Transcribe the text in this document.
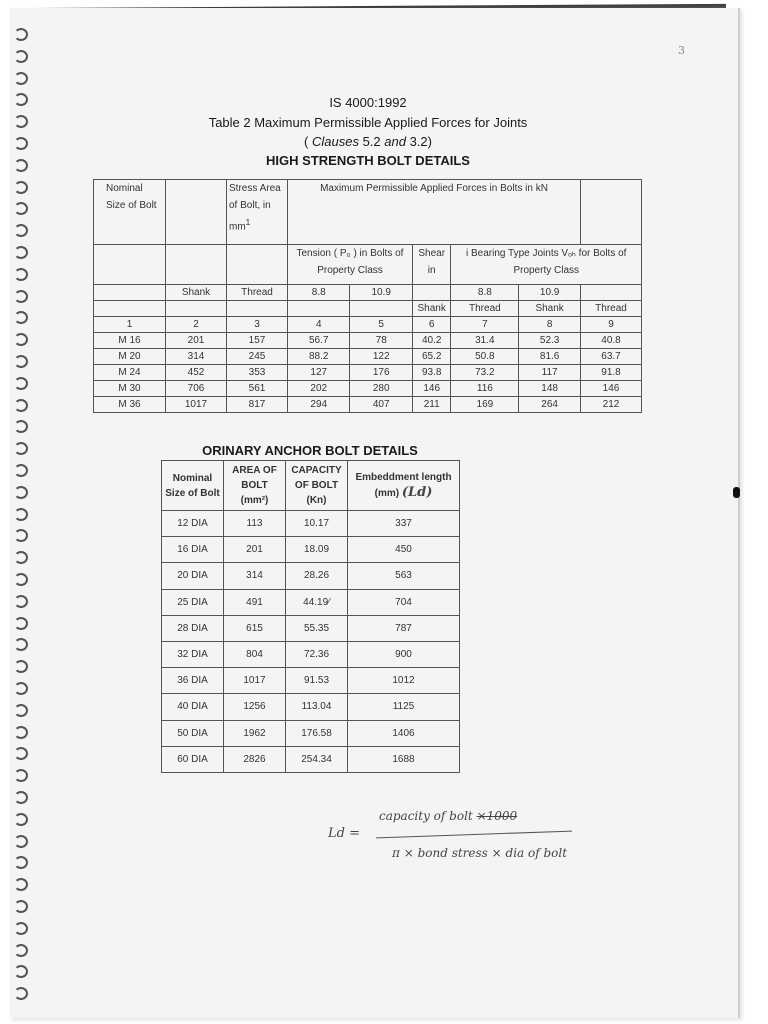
3
IS 4000:1992
Table 2 Maximum Permissible Applied Forces for Joints
( Clauses 5.2 and 3.2)
HIGH STRENGTH BOLT DETAILS
Nominal Size of Bolt		Stress Area of Bolt, in $mm^1$	Maximum Permissible Applied Forces in Bolts in kN					
			Tension ( P₀ ) in Bolts of Property Class		Shear in	i Bearing Type Joints Vₒₕ for Bolts of Property Class		
	Shank	Thread	8.8	10.9		8.8	10.9	
					Shank	Thread	Shank	Thread
1	2	3	4	5	6	7	8	9
M 16	201	157	56.7	78	40.2	31.4	52.3	40.8
M 20	314	245	88.2	122	65.2	50.8	81.6	63.7
M 24	452	353	127	176	93.8	73.2	117	91.8
M 30	706	561	202	280	146	116	148	146
M 36	1017	817	294	407	211	169	264	212
ORINARY ANCHOR BOLT DETAILS
Nominal Size of Bolt	AREA OF BOLT (mm²)	CAPACITY OF BOLT (Kn)	Embeddment length (mm) (Ld)
12 DIA	113	10.17	337
16 DIA	201	18.09	450
20 DIA	314	28.26	563
25 DIA	491	44.19⁄	704
28 DIA	615	55.35	787
32 DIA	804	72.36	900
36 DIA	1017	91.53	1012
40 DIA	1256	113.04	1125
50 DIA	1962	176.58	1406
60 DIA	2826	254.34	1688
Ld =
capacity of bolt ×1000
π × bond stress × dia of bolt
